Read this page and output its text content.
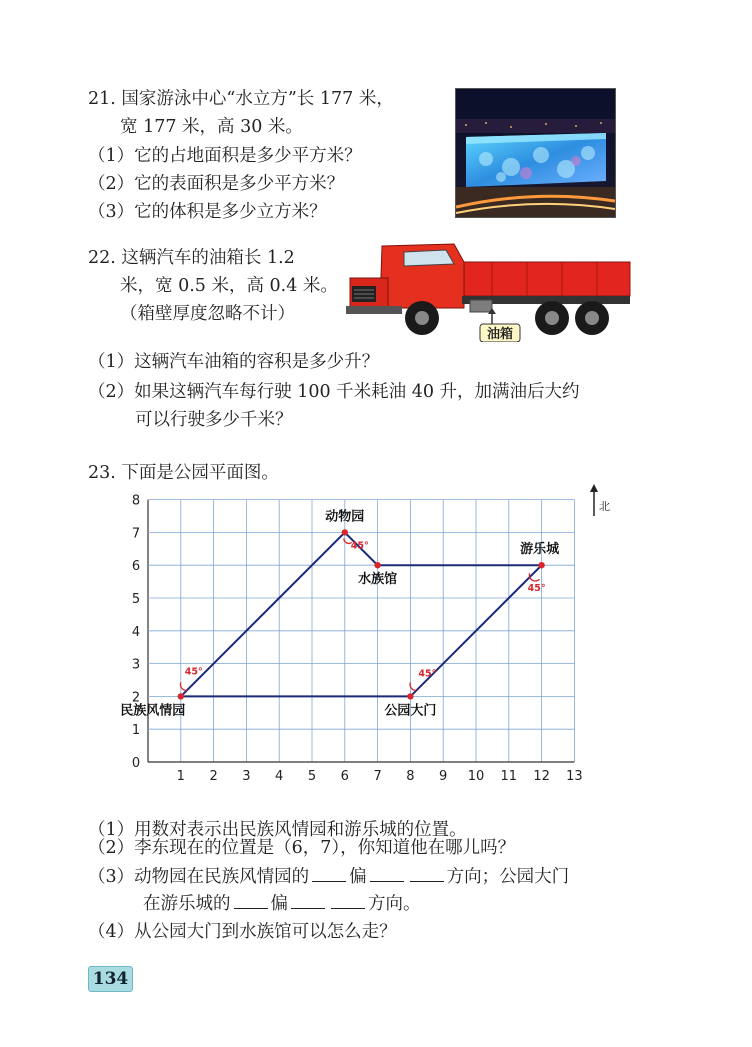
21. 国家游泳中心“水立方”长 177 米，
宽 177 米，高 30 米。
（1）它的占地面积是多少平方米？
（2）它的表面积是多少平方米？
（3）它的体积是多少立方米？
22. 这辆汽车的油箱长 1.2
米，宽 0.5 米，高 0.4 米。
（箱壁厚度忽略不计）
油箱
（1）这辆汽车油箱的容积是多少升？
（2）如果这辆汽车每行驶 100 千米耗油 40 升，加满油后大约
可以行驶多少千米？
23. 下面是公园平面图。
1 2 3 4 5 6 7 8 9 10 11 12 13
0
1
2
3
4
5
6
7
8
45°
45°
45°
45°
民族风情园
动物园
水族馆
游乐城
公园大门
北
（1）用数对表示出民族风情园和游乐城的位置。
（2）李东现在的位置是（6，7），你知道他在哪儿吗？
（3）动物园在民族风情园的 偏	方向；公园大门
在游乐城的 偏	方向。
（4）从公园大门到水族馆可以怎么走？
134
